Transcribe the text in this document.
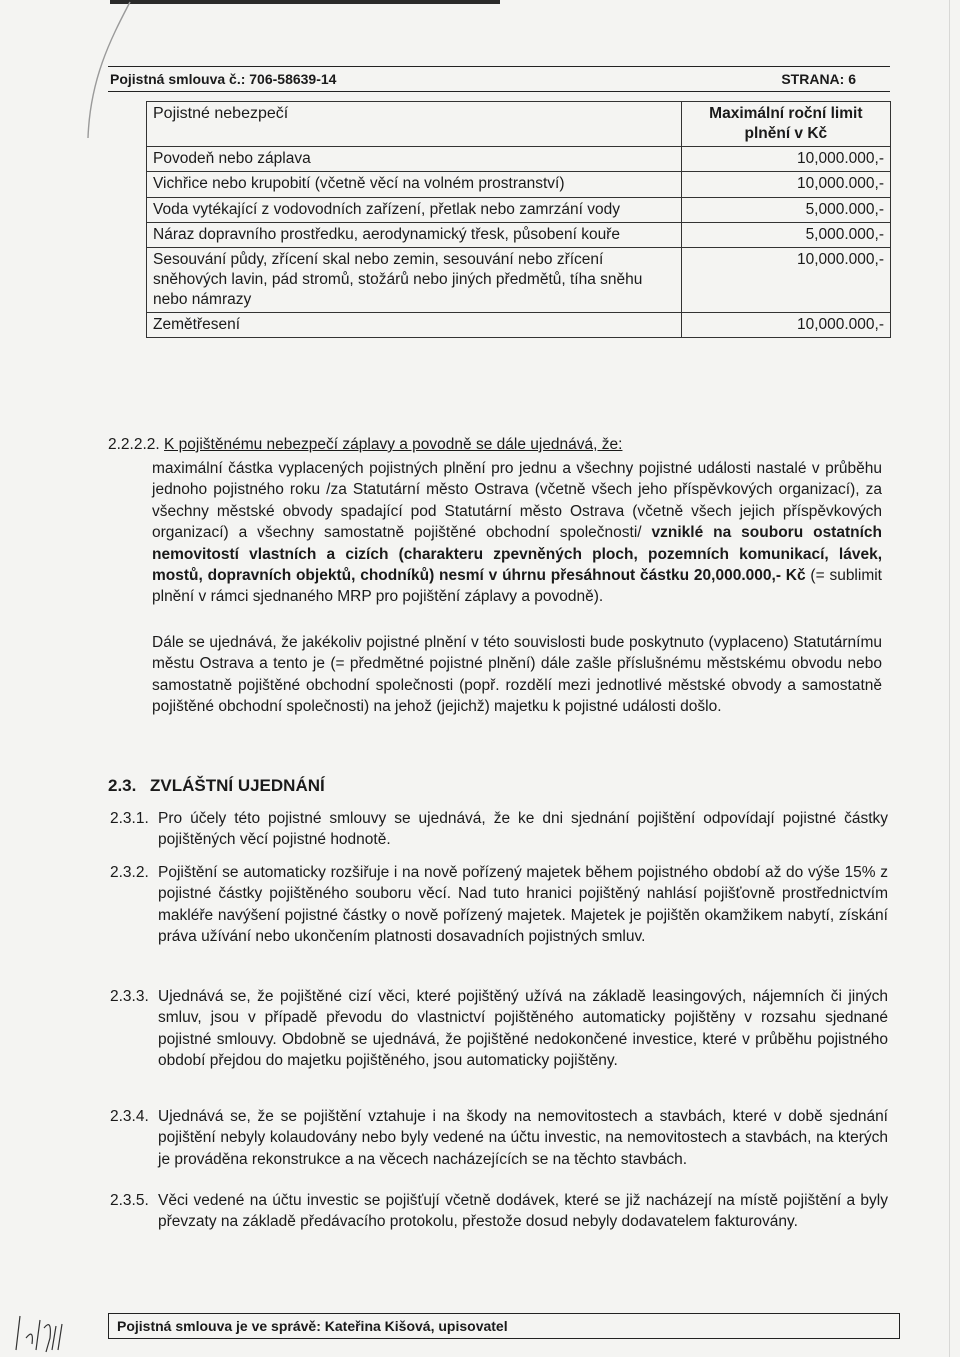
Pojistná smlouva č.: 706-58639-14	STRANA: 6
Pojistné nebezpečí	Maximální roční limit plnění v Kč
Povodeň nebo záplava	10,000.000,-
Vichřice nebo krupobití (včetně věcí na volném prostranství)	10,000.000,-
Voda vytékající z vodovodních zařízení, přetlak nebo zamrzání vody	5,000.000,-
Náraz dopravního prostředku, aerodynamický třesk, působení kouře	5,000.000,-
Sesouvání půdy, zřícení skal nebo zemin, sesouvání nebo zřícení sněhových lavin, pád stromů, stožárů nebo jiných předmětů, tíha sněhu nebo námrazy	10,000.000,-
Zemětřesení	10,000.000,-
2.2.2.2. K pojištěnému nebezpečí záplavy a povodně se dále ujednává, že:
maximální částka vyplacených pojistných plnění pro jednu a všechny pojistné události nastalé v průběhu jednoho pojistného roku /za Statutární město Ostrava (včetně všech jeho příspěvkových organizací), za všechny městské obvody spadající pod Statutární město Ostrava (včetně všech jejich příspěvkových organizací) a všechny samostatně pojištěné obchodní společnosti/ vzniklé na souboru ostatních nemovitostí vlastních a cizích (charakteru zpevněných ploch, pozemních komunikací, lávek, mostů, dopravních objektů, chodníků) nesmí v úhrnu přesáhnout částku 20,000.000,- Kč (= sublimit plnění v rámci sjednaného MRP pro pojištění záplavy a povodně).
Dále se ujednává, že jakékoliv pojistné plnění v této souvislosti bude poskytnuto (vyplaceno) Statutárnímu městu Ostrava a tento je (= předmětné pojistné plnění) dále zašle příslušnému městskému obvodu nebo samostatně pojištěné obchodní společnosti (popř. rozdělí mezi jednotlivé městské obvody a samostatně pojištěné obchodní společnosti) na jehož (jejichž) majetku k pojistné události došlo.
2.3. ZVLÁŠTNÍ UJEDNÁNÍ
2.3.1. Pro účely této pojistné smlouvy se ujednává, že ke dni sjednání pojištění odpovídají pojistné částky pojištěných věcí pojistné hodnotě.
2.3.2. Pojištění se automaticky rozšiřuje i na nově pořízený majetek během pojistného období až do výše 15% z pojistné částky pojištěného souboru věcí. Nad tuto hranici pojištěný nahlásí pojišťovně prostřednictvím makléře navýšení pojistné částky o nově pořízený majetek. Majetek je pojištěn okamžikem nabytí, získání práva užívání nebo ukončením platnosti dosavadních pojistných smluv.
2.3.3. Ujednává se, že pojištěné cizí věci, které pojištěný užívá na základě leasingových, nájemních či jiných smluv, jsou v případě převodu do vlastnictví pojištěného automaticky pojištěny v rozsahu sjednané pojistné smlouvy. Obdobně se ujednává, že pojištěné nedokončené investice, které v průběhu pojistného období přejdou do majetku pojištěného, jsou automaticky pojištěny.
2.3.4. Ujednává se, že se pojištění vztahuje i na škody na nemovitostech a stavbách, které v době sjednání pojištění nebyly kolaudovány nebo byly vedené na účtu investic, na nemovitostech a stavbách, na kterých je prováděna rekonstrukce a na věcech nacházejících se na těchto stavbách.
2.3.5. Věci vedené na účtu investic se pojišťují včetně dodávek, které se již nacházejí na místě pojištění a byly převzaty na základě předávacího protokolu, přestože dosud nebyly dodavatelem fakturovány.
Pojistná smlouva je ve správě: Kateřina Kišová, upisovatel
